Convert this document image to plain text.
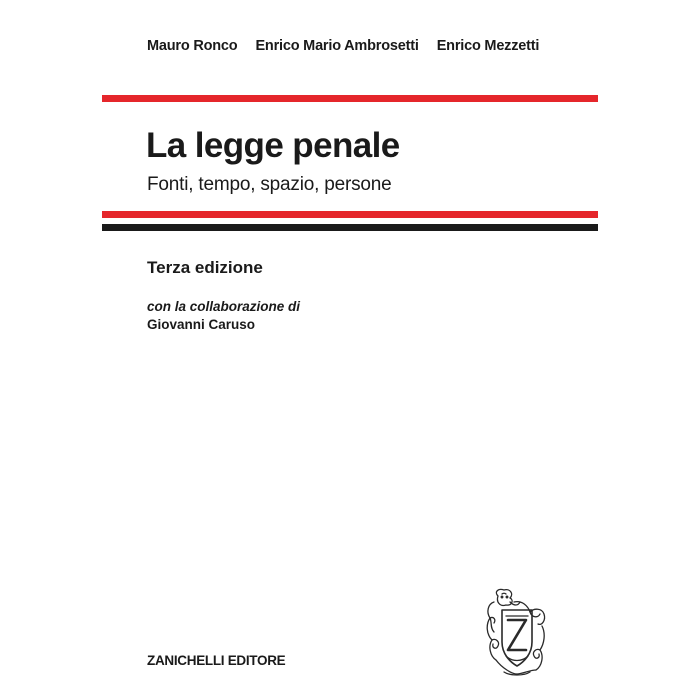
Mauro Ronco Enrico Mario Ambrosetti Enrico Mezzetti
La legge penale
Fonti, tempo, spazio, persone
Terza edizione
con la collaborazione di
Giovanni Caruso
ZANICHELLI EDITORE
